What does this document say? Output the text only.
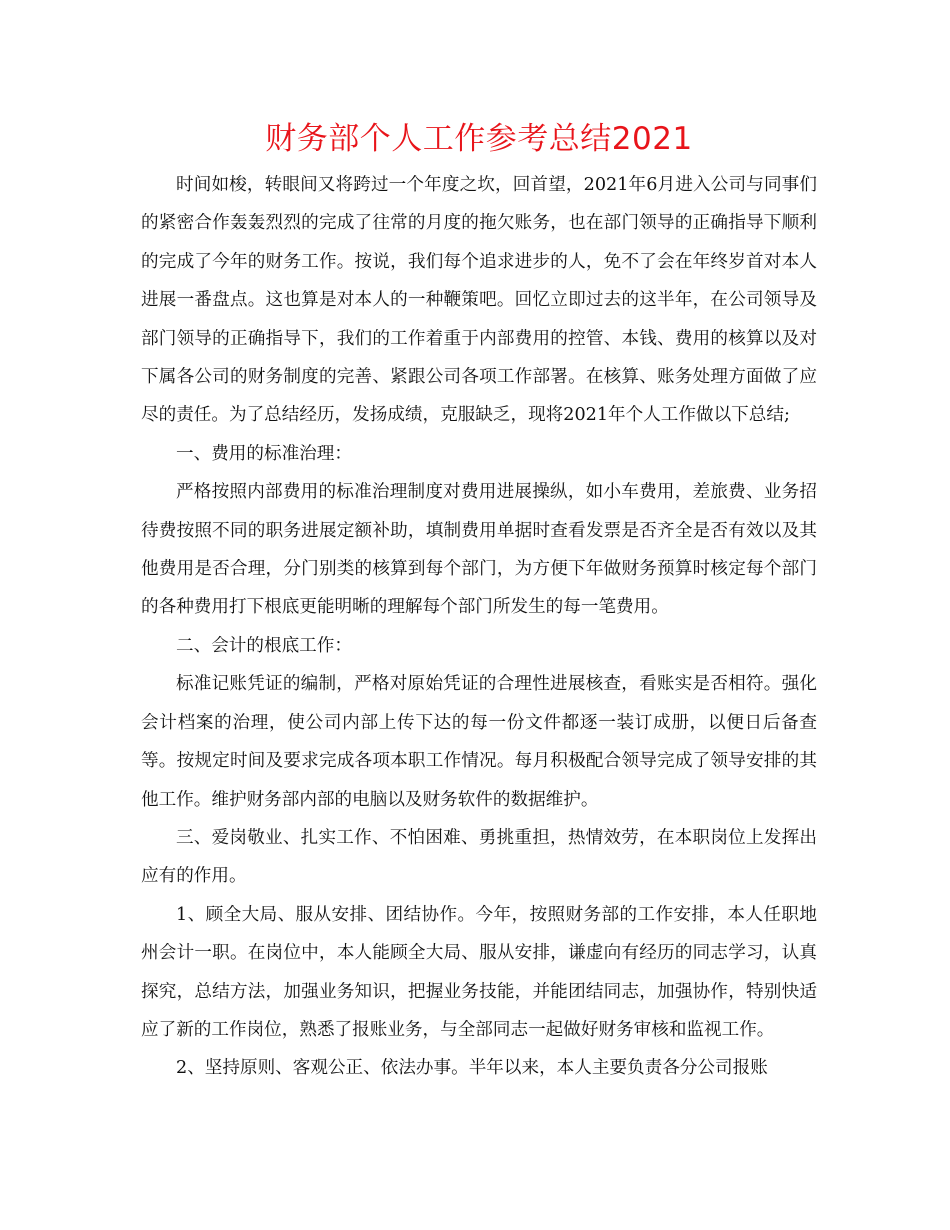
财务部个人工作参考总结2021

时间如梭，转眼间又将跨过一个年度之坎，回首望，2021年6月进入公司与同事们的紧密合作轰轰烈烈的完成了往常的月度的拖欠账务，也在部门领导的正确指导下顺利的完成了今年的财务工作。按说，我们每个追求进步的人，免不了会在年终岁首对本人进展一番盘点。这也算是对本人的一种鞭策吧。回忆立即过去的这半年，在公司领导及部门领导的正确指导下，我们的工作着重于内部费用的控管、本钱、费用的核算以及对下属各公司的财务制度的完善、紧跟公司各项工作部署。在核算、账务处理方面做了应尽的责任。为了总结经历，发扬成绩，克服缺乏，现将2021年个人工作做以下总结;

一、费用的标准治理：

严格按照内部费用的标准治理制度对费用进展操纵，如小车费用，差旅费、业务招待费按照不同的职务进展定额补助，填制费用单据时查看发票是否齐全是否有效以及其他费用是否合理，分门别类的核算到每个部门，为方便下年做财务预算时核定每个部门的各种费用打下根底更能明晰的理解每个部门所发生的每一笔费用。

二、会计的根底工作：

标准记账凭证的编制，严格对原始凭证的合理性进展核查，看账实是否相符。强化会计档案的治理，使公司内部上传下达的每一份文件都逐一装订成册，以便日后备查等。按规定时间及要求完成各项本职工作情况。每月积极配合领导完成了领导安排的其他工作。维护财务部内部的电脑以及财务软件的数据维护。

三、爱岗敬业、扎实工作、不怕困难、勇挑重担，热情效劳，在本职岗位上发挥出应有的作用。

1、顾全大局、服从安排、团结协作。今年，按照财务部的工作安排，本人任职地州会计一职。在岗位中，本人能顾全大局、服从安排，谦虚向有经历的同志学习，认真探究，总结方法，加强业务知识，把握业务技能，并能团结同志，加强协作，特别快适应了新的工作岗位，熟悉了报账业务，与全部同志一起做好财务审核和监视工作。

2、坚持原则、客观公正、依法办事。半年以来，本人主要负责各分公司报账
